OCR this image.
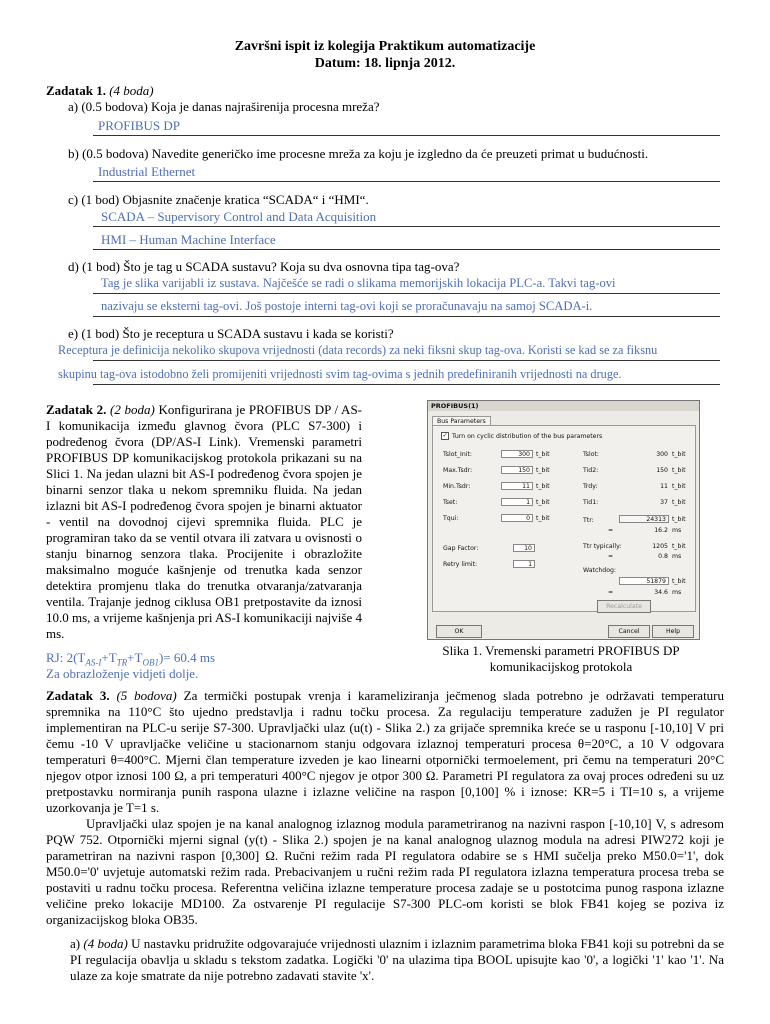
Završni ispit iz kolegija Praktikum automatizacije
Datum: 18. lipnja 2012.
Zadatak 1. (4 boda)
a) (0.5 bodova) Koja je danas najraširenija procesna mreža?
PROFIBUS DP
b) (0.5 bodova) Navedite generičko ime procesne mreža za koju je izgledno da će preuzeti primat u budućnosti.
Industrial Ethernet
c) (1 bod) Objasnite značenje kratica “SCADA“ i “HMI“.
SCADA – Supervisory Control and Data Acquisition
HMI – Human Machine Interface
d) (1 bod) Što je tag u SCADA sustavu? Koja su dva osnovna tipa tag-ova?
Tag je slika varijabli iz sustava. Najčešće se radi o slikama memorijskih lokacija PLC-a. Takvi tag-ovi
nazivaju se eksterni tag-ovi. Još postoje interni tag-ovi koji se proračunavaju na samoj SCADA-i.
e) (1 bod) Što je receptura u SCADA sustavu i kada se koristi?
Receptura je definicija nekoliko skupova vrijednosti (data records) za neki fiksni skup tag-ova. Koristi se kad se za fiksnu
skupinu tag-ova istodobno želi promijeniti vrijednosti svim tag-ovima s jednih predefiniranih vrijednosti na druge.
Zadatak 2. (2 boda) Konfigurirana je PROFIBUS DP / AS-I komunikacija između glavnog čvora (PLC S7-300) i podređenog čvora (DP/AS-I Link). Vremenski parametri PROFIBUS DP komunikacijskog protokola prikazani su na Slici 1. Na jedan ulazni bit AS-I podređenog čvora spojen je binarni senzor tlaka u nekom spremniku fluida. Na jedan izlazni bit AS-I podređenog čvora spojen je binarni aktuator - ventil na dovodnoj cijevi spremnika fluida. PLC je programiran tako da se ventil otvara ili zatvara u ovisnosti o stanju binarnog senzora tlaka. Procijenite i obrazložite maksimalno moguće kašnjenje od trenutka kada senzor detektira promjenu tlaka do trenutka otvaranja/zatvaranja ventila. Trajanje jednog ciklusa OB1 pretpostavite da iznosi 10.0 ms, a vrijeme kašnjenja pri AS-I komunikaciji najviše 4 ms.
RJ: $2(T_{AS-I}+T_{TR}+T_{OB1})= 60.4$ ms
Za obrazloženje vidjeti dolje.
PROFIBUS(1)
Bus Parameters
✓ Turn on cyclic distribution of the bus parameters
Tslot_Init:	300 t_bit
Max.Tsdr:	150 t_bit
Min.Tsdr:	11 t_bit
Tset:	1 t_bit
Tqui:	0 t_bit
Tslot:	300 t_bit
Tid2:	150 t_bit
Trdy:	11 t_bit
Tid1:	37 t_bit
Ttr:	24313 t_bit
=	16.2 ms
Gap Factor:	10
Retry limit:	1
Ttr typically:	1205 t_bit
=	0.8 ms
Watchdog:
51879 t_bit
=	34.6 ms
Recalculate
OK	Cancel	Help
Slika 1. Vremenski parametri PROFIBUS DP
komunikacijskog protokola
Zadatak 3. (5 bodova) Za termički postupak vrenja i karameliziranja ječmenog slada potrebno je održavati temperaturu spremnika na 110°C što ujedno predstavlja i radnu točku procesa. Za regulaciju temperature zadužen je PI regulator implementiran na PLC-u serije S7-300. Upravljački ulaz (u(t) - Slika 2.) za grijače spremnika kreće se u rasponu [-10,10] V pri čemu -10 V upravljačke veličine u stacionarnom stanju odgovara izlaznoj temperaturi procesa θ=20°C, a 10 V odgovara temperaturi θ=400°C. Mjerni član temperature izveden je kao linearni otpornički termoelement, pri čemu na temperaturi 20°C njegov otpor iznosi 100 Ω, a pri temperaturi 400°C njegov je otpor 300 Ω. Parametri PI regulatora za ovaj proces određeni su uz pretpostavku normiranja punih raspona ulazne i izlazne veličine na raspon [0,100] % i iznose: KR=5 i TI=10 s, a vrijeme uzorkovanja je T=1 s.
Upravljački ulaz spojen je na kanal analognog izlaznog modula parametriranog na nazivni raspon [-10,10] V, s adresom PQW 752. Otpornički mjerni signal (y(t) - Slika 2.) spojen je na kanal analognog ulaznog modula na adresi PIW272 koji je parametriran na nazivni raspon [0,300] Ω. Ručni režim rada PI regulatora odabire se s HMI sučelja preko M50.0='1', dok M50.0='0' uvjetuje automatski režim rada. Prebacivanjem u ručni režim rada PI regulatora izlazna temperatura procesa treba se postaviti u radnu točku procesa. Referentna veličina izlazne temperature procesa zadaje se u postotcima punog raspona izlazne veličine preko lokacije MD100. Za ostvarenje PI regulacije S7-300 PLC-om koristi se blok FB41 kojeg se poziva iz organizacijskog bloka OB35.
a) (4 boda) U nastavku pridružite odgovarajuće vrijednosti ulaznim i izlaznim parametrima bloka FB41 koji su potrebni da se PI regulacija obavlja u skladu s tekstom zadatka. Logički '0' na ulazima tipa BOOL upisujte kao '0', a logički '1' kao '1'. Na ulaze za koje smatrate da nije potrebno zadavati stavite 'x'.
